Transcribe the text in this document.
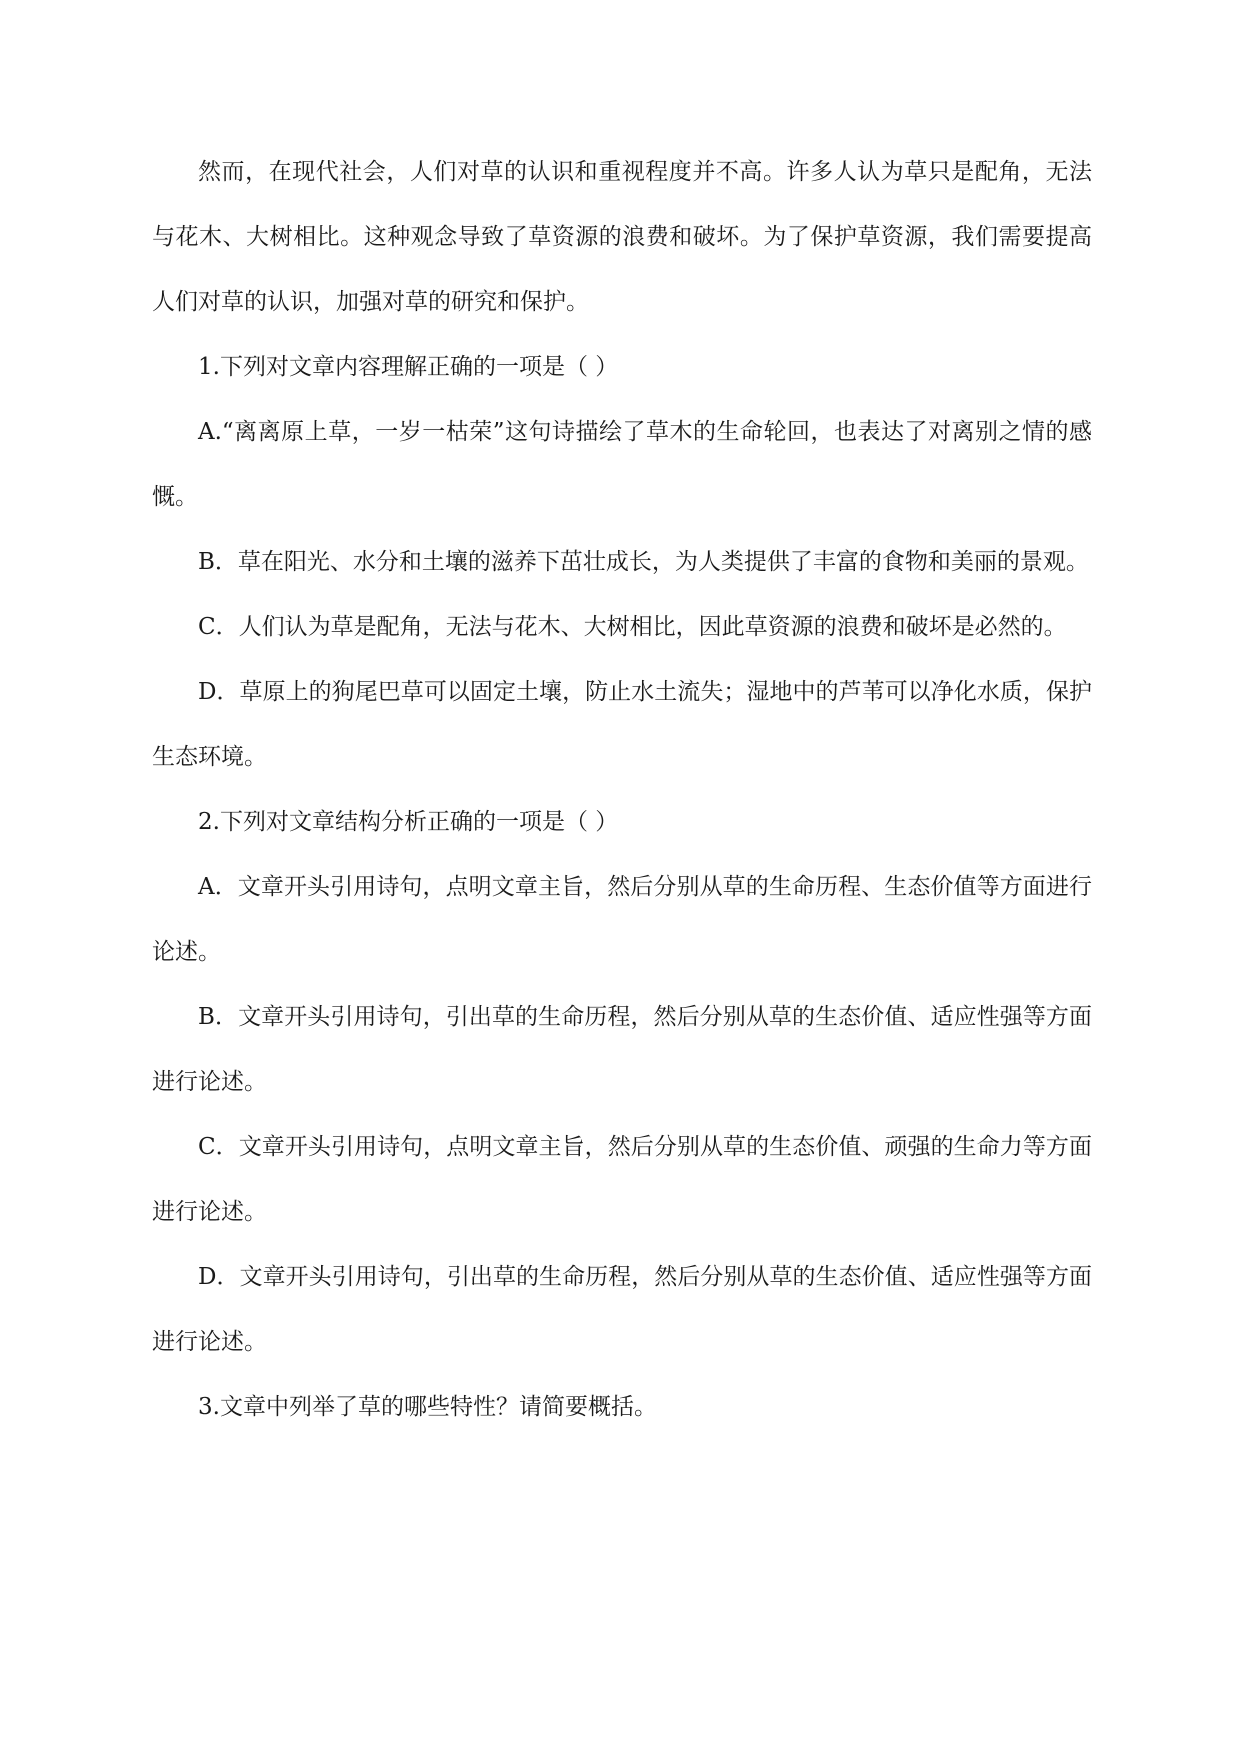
然而，在现代社会，人们对草的认识和重视程度并不高。许多人认为草只是配角，无法与花木、大树相比。这种观念导致了草资源的浪费和破坏。为了保护草资源，我们需要提高人们对草的认识，加强对草的研究和保护。

1.下列对文章内容理解正确的一项是（ ）

A.“离离原上草，一岁一枯荣”这句诗描绘了草木的生命轮回，也表达了对离别之情的感慨。

B．草在阳光、水分和土壤的滋养下茁壮成长，为人类提供了丰富的食物和美丽的景观。

C．人们认为草是配角，无法与花木、大树相比，因此草资源的浪费和破坏是必然的。

D．草原上的狗尾巴草可以固定土壤，防止水土流失；湿地中的芦苇可以净化水质，保护生态环境。

2.下列对文章结构分析正确的一项是（ ）

A．文章开头引用诗句，点明文章主旨，然后分别从草的生命历程、生态价值等方面进行论述。

B．文章开头引用诗句，引出草的生命历程，然后分别从草的生态价值、适应性强等方面进行论述。

C．文章开头引用诗句，点明文章主旨，然后分别从草的生态价值、顽强的生命力等方面进行论述。

D．文章开头引用诗句，引出草的生命历程，然后分别从草的生态价值、适应性强等方面进行论述。

3.文章中列举了草的哪些特性？请简要概括。
